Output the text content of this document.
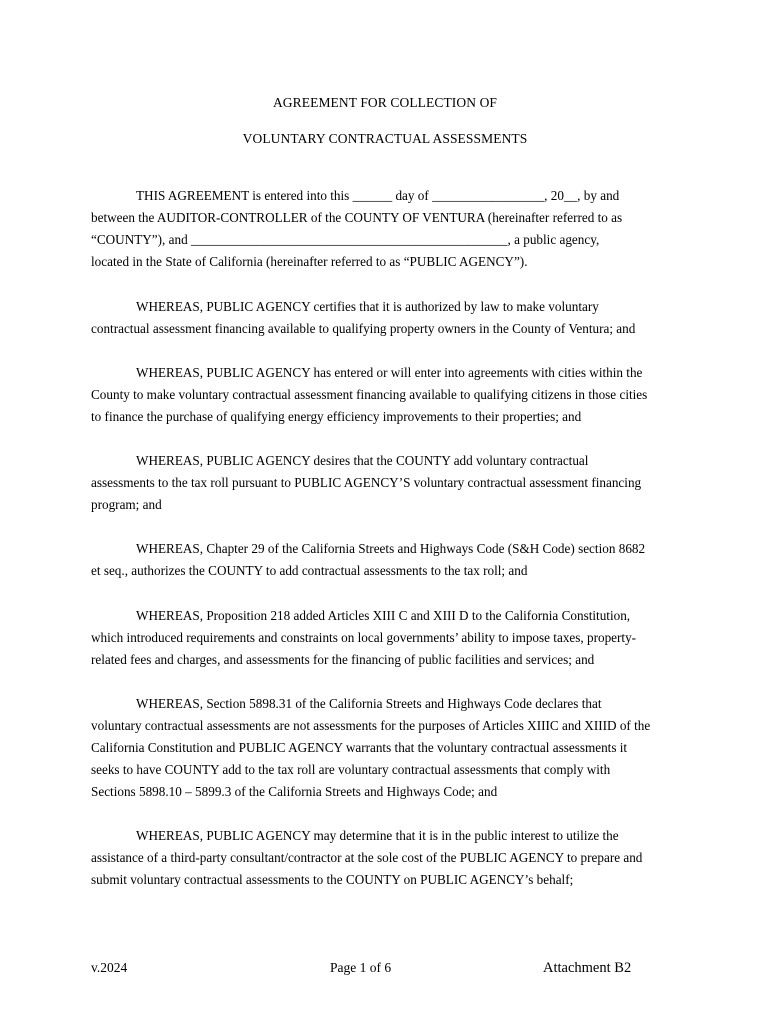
AGREEMENT FOR COLLECTION OF
VOLUNTARY CONTRACTUAL ASSESSMENTS
THIS AGREEMENT is entered into this ______ day of _________________, 20__, by and
between the AUDITOR-CONTROLLER of the COUNTY OF VENTURA (hereinafter referred to as
“COUNTY”), and ________________________________________________, a public agency,
located in the State of California (hereinafter referred to as “PUBLIC AGENCY”).
WHEREAS, PUBLIC AGENCY certifies that it is authorized by law to make voluntary
contractual assessment financing available to qualifying property owners in the County of Ventura; and
WHEREAS, PUBLIC AGENCY has entered or will enter into agreements with cities within the
County to make voluntary contractual assessment financing available to qualifying citizens in those cities
to finance the purchase of qualifying energy efficiency improvements to their properties; and
WHEREAS, PUBLIC AGENCY desires that the COUNTY add voluntary contractual
assessments to the tax roll pursuant to PUBLIC AGENCY’S voluntary contractual assessment financing
program; and
WHEREAS, Chapter 29 of the California Streets and Highways Code (S&H Code) section 8682
et seq., authorizes the COUNTY to add contractual assessments to the tax roll; and
WHEREAS, Proposition 218 added Articles XIII C and XIII D to the California Constitution,
which introduced requirements and constraints on local governments’ ability to impose taxes, property-
related fees and charges, and assessments for the financing of public facilities and services; and
WHEREAS, Section 5898.31 of the California Streets and Highways Code declares that
voluntary contractual assessments are not assessments for the purposes of Articles XIIIC and XIIID of the
California Constitution and PUBLIC AGENCY warrants that the voluntary contractual assessments it
seeks to have COUNTY add to the tax roll are voluntary contractual assessments that comply with
Sections 5898.10 – 5899.3 of the California Streets and Highways Code; and
WHEREAS, PUBLIC AGENCY may determine that it is in the public interest to utilize the
assistance of a third-party consultant/contractor at the sole cost of the PUBLIC AGENCY to prepare and
submit voluntary contractual assessments to the COUNTY on PUBLIC AGENCY’s behalf;
v.2024	Page 1 of 6	Attachment B2
